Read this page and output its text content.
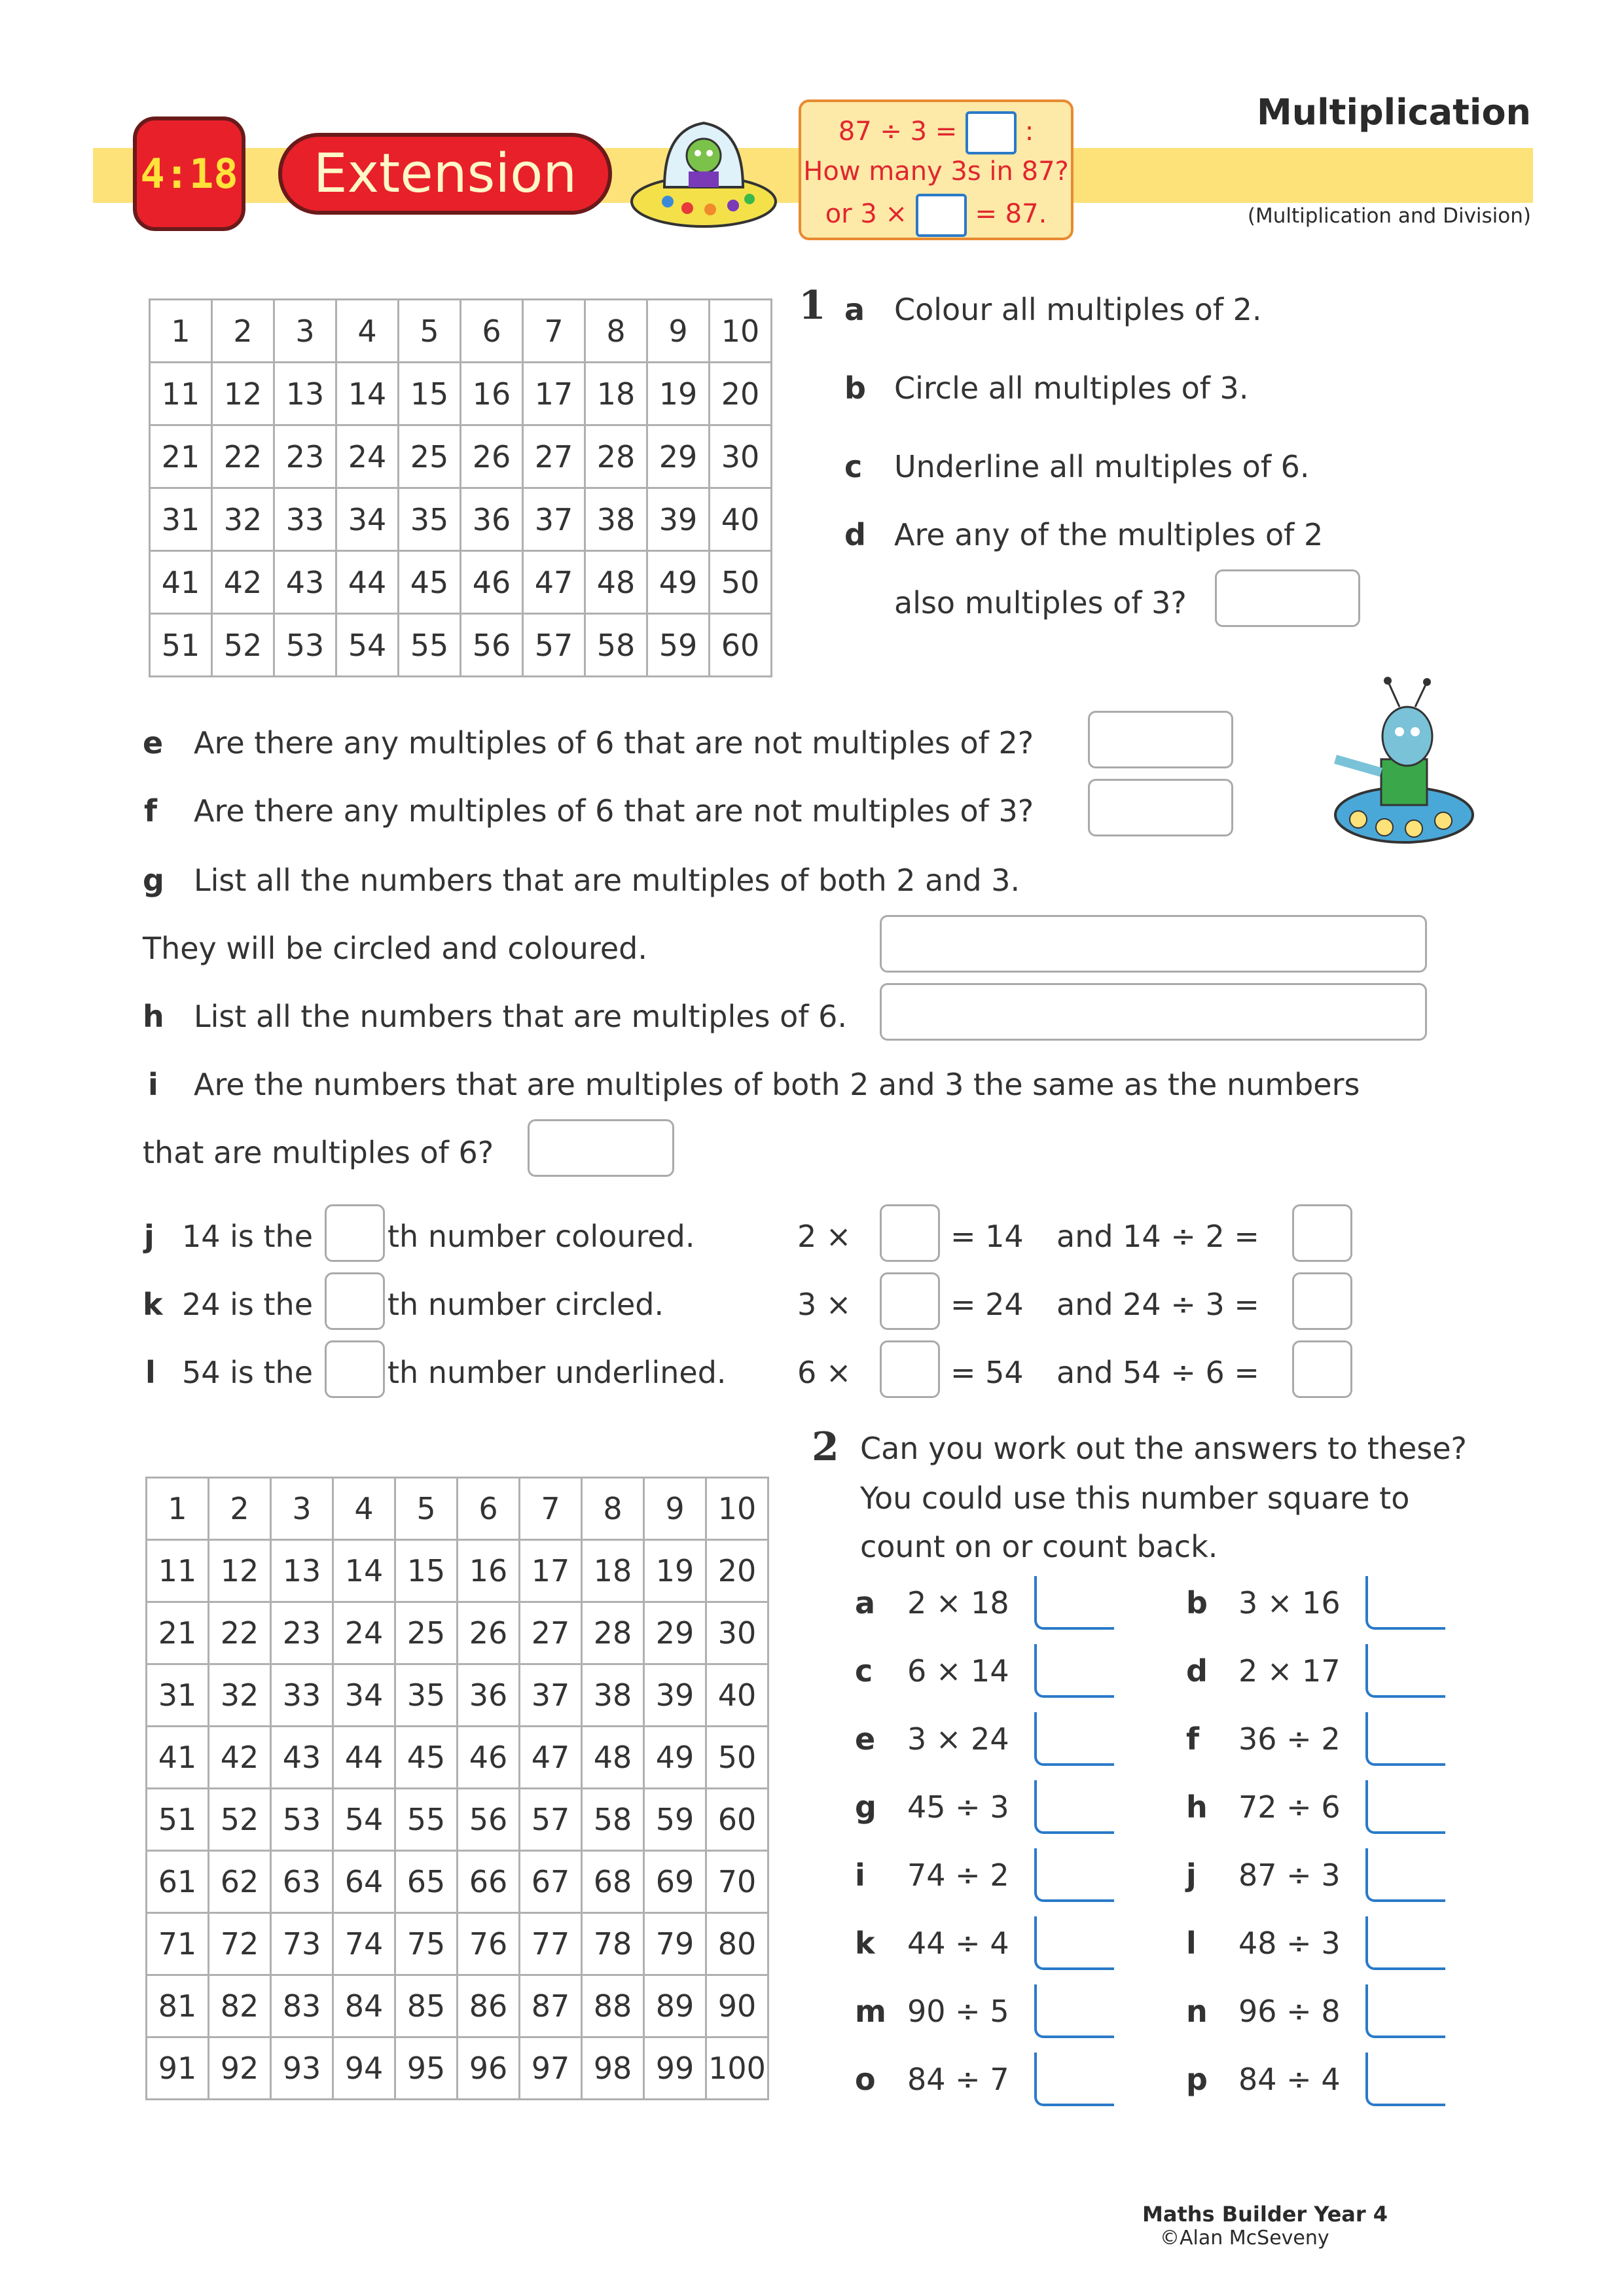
4:18	Extension
87 ÷ 3 =	:
How many 3s in 87?
or 3 ×	= 87.
Multiplication
(Multiplication and Division)
1	2	3	4	5	6	7	8	9	10
11	12	13	14	15	16	17	18	19	20
21	22	23	24	25	26	27	28	29	30
31	32	33	34	35	36	37	38	39	40
41	42	43	44	45	46	47	48	49	50
51	52	53	54	55	56	57	58	59	60
1 a Colour all multiples of 2.
b Circle all multiples of 3.
c Underline all multiples of 6.
d Are any of the multiples of 2
also multiples of 3?
e Are there any multiples of 6 that are not multiples of 2?
f Are there any multiples of 6 that are not multiples of 3?
g List all the numbers that are multiples of both 2 and 3.
They will be circled and coloured.
h List all the numbers that are multiples of 6.
i Are the numbers that are multiples of both 2 and 3 the same as the numbers
that are multiples of 6?
j 14 is the th number coloured.	2 ×	= 14 and 14 ÷ 2 =
k 24 is the th number circled.	3 ×	= 24 and 24 ÷ 3 =
l 54 is the th number underlined. 6 ×	= 54 and 54 ÷ 6 =
1	2	3	4	5	6	7	8	9	10
11	12	13	14	15	16	17	18	19	20
21	22	23	24	25	26	27	28	29	30
31	32	33	34	35	36	37	38	39	40
41	42	43	44	45	46	47	48	49	50
51	52	53	54	55	56	57	58	59	60
61	62	63	64	65	66	67	68	69	70
71	72	73	74	75	76	77	78	79	80
81	82	83	84	85	86	87	88	89	90
91	92	93	94	95	96	97	98	99	100
2 Can you work out the answers to these?
You could use this number square to
count on or count back.
a 2 × 18	b 3 × 16
c 6 × 14	d 2 × 17
e 3 × 24	f 36 ÷ 2
g 45 ÷ 3	h 72 ÷ 6
i 74 ÷ 2	j 87 ÷ 3
k 44 ÷ 4	l 48 ÷ 3
m 90 ÷ 5	n 96 ÷ 8
o 84 ÷ 7	p 84 ÷ 4
Maths Builder Year 4
©Alan McSeveny
